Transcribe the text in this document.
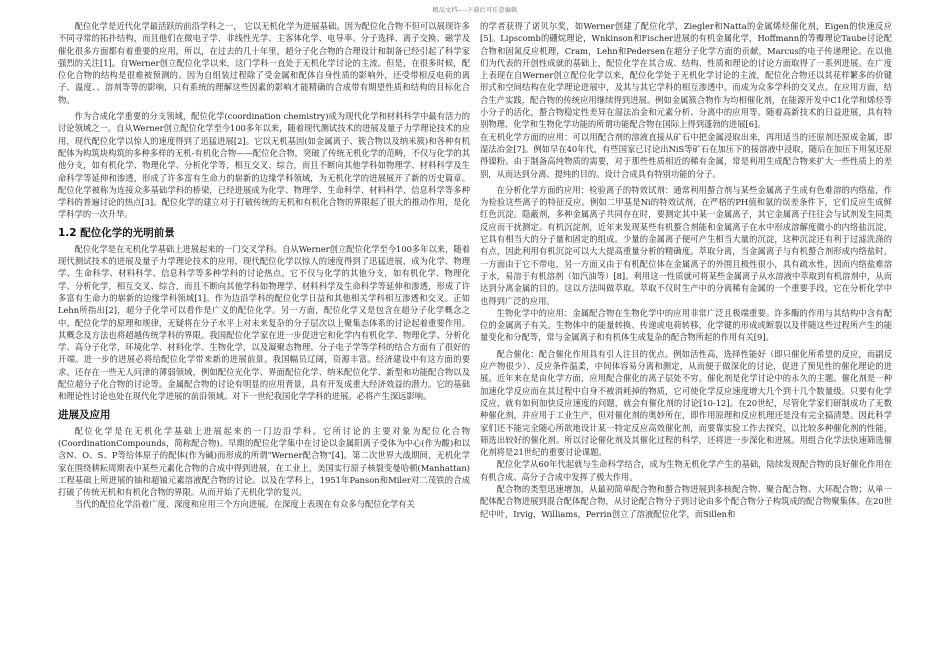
精品文档----下载后可任意编辑

配位化学是近代化学最活跃的前沿学科之一， 它以无机化学为进展基础。因为配位化合物不但可以展现许多不同寻常的拓扑结构，而且他们在微电子学、非线性光学、主客体化学、电导率、分子选择、离子交换、磁学及催化很多方面都有着重要的应用，所以，在过去的几十年里，超分子化合物的合理设计和制备已经引起了科学家强烈的关注[1]。自Werner创立配位化学以来，这门学科一直处于无机化学讨论的主流。但是，在很多时候，配位化合物的结构是很难被预测的。因为自组装过程除了受金属和配体自身性质的影响外，还受带相反电荷的离子、温度、、溶剂等等的影响，只有系统的理解这些因素的影响才能精确的合成带有期望性质和结构的目标化合物。

作为合成化学重要的分支领域，配位化学(coordination chemistry)成为现代化学和材料科学中最有活力的讨论领域之一。自从Werner创立配位化学至今100多年以来，随着现代测试技术的进展及量子力学理论技术的应用，现代配位化学以惊人的速度得到了迅猛进展[2]。它以无机基因(如金属离子、簇合物以及纳米簇)和各种有机配体为构筑块构筑的多种多样的无机-有机化合物——配位化合物，突破了传统无机化学的范畴，不仅与化学的其他分支，如有机化学、物理化学、分析化学等，相互交叉、综合，而且不断向其他学科如物理学、材料科学及生命科学等延伸和渗透，形成了许多富有生命力的崭新的边缘学科领域，为无机化学的进展展开了新的历史篇章。配位化学被称为连接众多基础学科的桥梁，已经进展成为化学、物理学、生命科学、材料科学、信息科学等多种学科的普遍讨论的热点[3]。配位化学的建立对于打破传统的无机和有机化合物的界限起了很大的推动作用，是化学科学的一次升华。

1.2 配位化学的光明前景

配位化学是在无机化学基础上进展起来的一门交叉学科。自从Werner创立配位化学至今100多年以来，随着现代测试技术的进展及量子力学理论技术的应用，现代配位化学以惊人的速度得到了迅猛进展，成为化学、物理学、生命科学、材料科学、信息科学等多种学科的讨论热点。它不仅与化学的其他分支，如有机化学、物理化学、分析化学，相互交叉、综合，而且不断向其他学科如物理学、材料科学及生命科学等延伸和渗透，形成了许多富有生命力的崭新的边缘学科领域[1]。作为边沿学科的配位化学日益和其他相关学科相互渗透和交叉。正如Lehn所指出[2]，超分子化学可以看作是广义的配位化学。另一方面，配位化学又是包含在超分子化学概念之中。配位化学的原理和规律，无疑将在分子水平上对未来复杂的分子层次以上聚集态体系的讨论起着重要作用。其概念及方法也将超越传统学科的界限。我国配位化学家在进一步促进它和化学内有机化学、物理化学、分析化学、高分子化学，环境化学、材料化学、生物化学，以及凝聚态物理、分子电子学等学科的结合方面有了很好的开端。进一步的进展必将给配位化学带来新的进展前景。我国幅员辽阔，资源丰富。经济建设中有这方面的要求。还存在一些无人问津的薄弱领域，例如配位光化学、界面配位化学、纳米配位化学、新型和功能配合物以及配位超分子化合物的讨论等。金属配合物的讨论有明显的应用背景，具有开发成重大经济效益的潜力。它的基础和理论性讨论也处在现代化学进展的前沿领域。对下一世纪我国化学学科的进展。必将产生深远影响。

进展及应用

配位化学是在无机化学基础上进展起来的一门边沿学科。它所讨论的主要对象为配位化合物(CoordinationCompounds，简称配合物)。早期的配位化学集中在讨论以金属阳离子受体为中心(作为酸)和以含N、O、S、P等给体原子的配体(作为碱)而形成的所谓"Werner配合物"[4]。第二次世界大战期间，无机化学家在围绕耕耘周期表中某些元素化合物的合成中得到进展，在工业上，美国实行原子核裂变曼哈顿(Manhattan)工程基础上所进展的铀和超铀元素溶液配合物的讨论。以及在学科上，1951年Panson和Miler对二茂铁的合成打破了传统无机和有机化合物的界限。从而开始了无机化学的复兴。

当代的配位化学沿着广度、深度和应用三个方向进展。在深度上表现在有众多与配位化学有关

的学者获得了诺贝尔奖，如Werner创建了配位化学，Ziegler和Natta的金属烯烃催化剂，Eigen的快速反应[5]。Lipscomb的硼烷理论，Wnkinson和Fischer进展的有机金属化学，Hoffmann的等瓣理论Taube讨论配合物和固氮反应机理，Cram，Lehn和Pedersen在超分子化学方面的贡献，Marcus的电子传递理论。在以他们为代表的开创性成就的基础上，配位化学在其合成、结构、性质和理论的讨论方面取得了一系列进展。在广度上表现在自Werner创立配位化学以来，配位化学处于无机化学讨论的主流，配位化合物还以其花样繁多的价键形式和空间结构在化学理论进展中，及其与其它学科的相互渗透中。而成为众多学科的交叉点。在应用方面，结合生产实践，配合物的传统应用继续得到进展。例如金属簇合物作为均相催化剂，在能源开发中C1化学和烯烃等小分子的活化，螯合物稳定性差异在湿法冶金和元素分析、分离中的应用等。随着高新技术的日益进展，具有特别物理、化学和生物化学功能的所谓功能配合物在国际上得到蓬勃的进展[6]。

在无机化学方面的应用：可以用配合剂的溶液直接从矿石中把金属浸取出来，再用适当的还原剂还原成金属，即湿法冶金[7]。例如早在40年代，有些国家已讨论出NiS等矿石在加压下的接溶液中浸取，随后在加压下用氢还原得镍粉。由于制备高纯物质的需要，对于那些性质相近的稀有金属，常是利用生成配合物来扩大一些性质上的差别，从而达到分离、提纯的目的。设计合成具有特别功能的分子。

在分析化学方面的应用：检验离子的特效试剂：通常利用螯合剂与某些金属离子生成有色难溶的内络盐，作为检验这些离子的特征反应。例如二甲基是Ni的特效试剂，在严格的PH值和氨的误差条件下，它们反应生成鲜红色沉淀。隐蔽剂，多种金属离子共同存在时，要测定其中某一金属离子，其它金属离子往往会与试剂发生同类反应而干扰测定。有机沉淀剂，近年来发现某些有机螯合剂能和金属离子在水中形成溶解度微小的内络盐沉淀，它具有相当大的分子量和固定的组成。少量的金属离子便可产生相当大量的沉淀，这种沉淀还有利于过滤洗涤的有点，因此利用有机沉淀可以大大提高重量分析的精确度。萃取分离，当金属离子与有机螯合剂形成内络盐时，一方面由于它不带电，另一方面又由于有机配位体在金属离子的外围且极性很小，具有疏水性，因而内络盐难溶于水，易溶于有机溶剂（如汽油等）[8]。利用这一性质就可将某些金属离子从水溶液中萃取到有机溶剂中，从而达到分离金属的目的。这以方法叫做萃取。萃取不仅时生产中的分离稀有金属的一个重要手段，它在分析化学中也得到广泛的应用。

生物化学中的应用：金属配合物在生物化学中的应用非常广泛且极端重要。许多酶的作用与其结构中含有配位的金属离子有关。生物体中的能量转换、传递或电荷转移，化学键的形成或断裂以及伴随这些过程所产生的能量变化和分配等，常与金属离子和有机体生成复杂的配合物所起的作用有关[9]。

配合催化：配合催化作用具有引人注目的优点。例如活性高，选择性能好（即只催化所希望的反应，而副反应产物很少）、反应条件温柔，中间体容易分离和测定，从而便于做深化的讨论，促进了预见性的催化理论的进展。近年来在是由化学方面，应用配合催化的离子层处不穷。催化剂是化学讨论中的永久的主题。催化剂是一种加速化学反应而在其过程中自身不被消耗掉的物质，它可使化学反应速度增大几个到十几个数量级。只要有化学反应，就有如何加快反应速度的问题，就会有催化剂的讨论[10-12]。在20世纪，尽管化学家们研制成功了无数种催化剂，并应用于工业生产，但对催化剂的奥妙所在，即作用原理和反应机理还是没有完全搞清楚。因此科学家们还不能完全随心所欲地设计某一特定反应高效催化剂，而要靠实验工作去探究，以比较多种催化剂的性能，筛选出较好的催化剂。所以讨论催化剂及其催化过程的科学，还将进一步深化和进展。用组合化学法快速筛选催化剂将是21世纪的重要讨论课题。

配位化学从60年代起就与生命科学结合，成为生物无机化学产生的基础，陆续发现配合物的良好催化作用在有机合成、高分子合成中发挥了极大作用。

配合物的类型迅速增加，从最初简单配合物和螯合物进展到多核配合物、聚合配合物、大环配合物；从单一配体配合物进展到混合配体配合物，从讨论配合物分子到讨论由多个配合物分子构筑成的配合物聚集体。在20世纪中叶，Irvig，Williams，Perrin创立了溶液配位化学，而Sillen和
